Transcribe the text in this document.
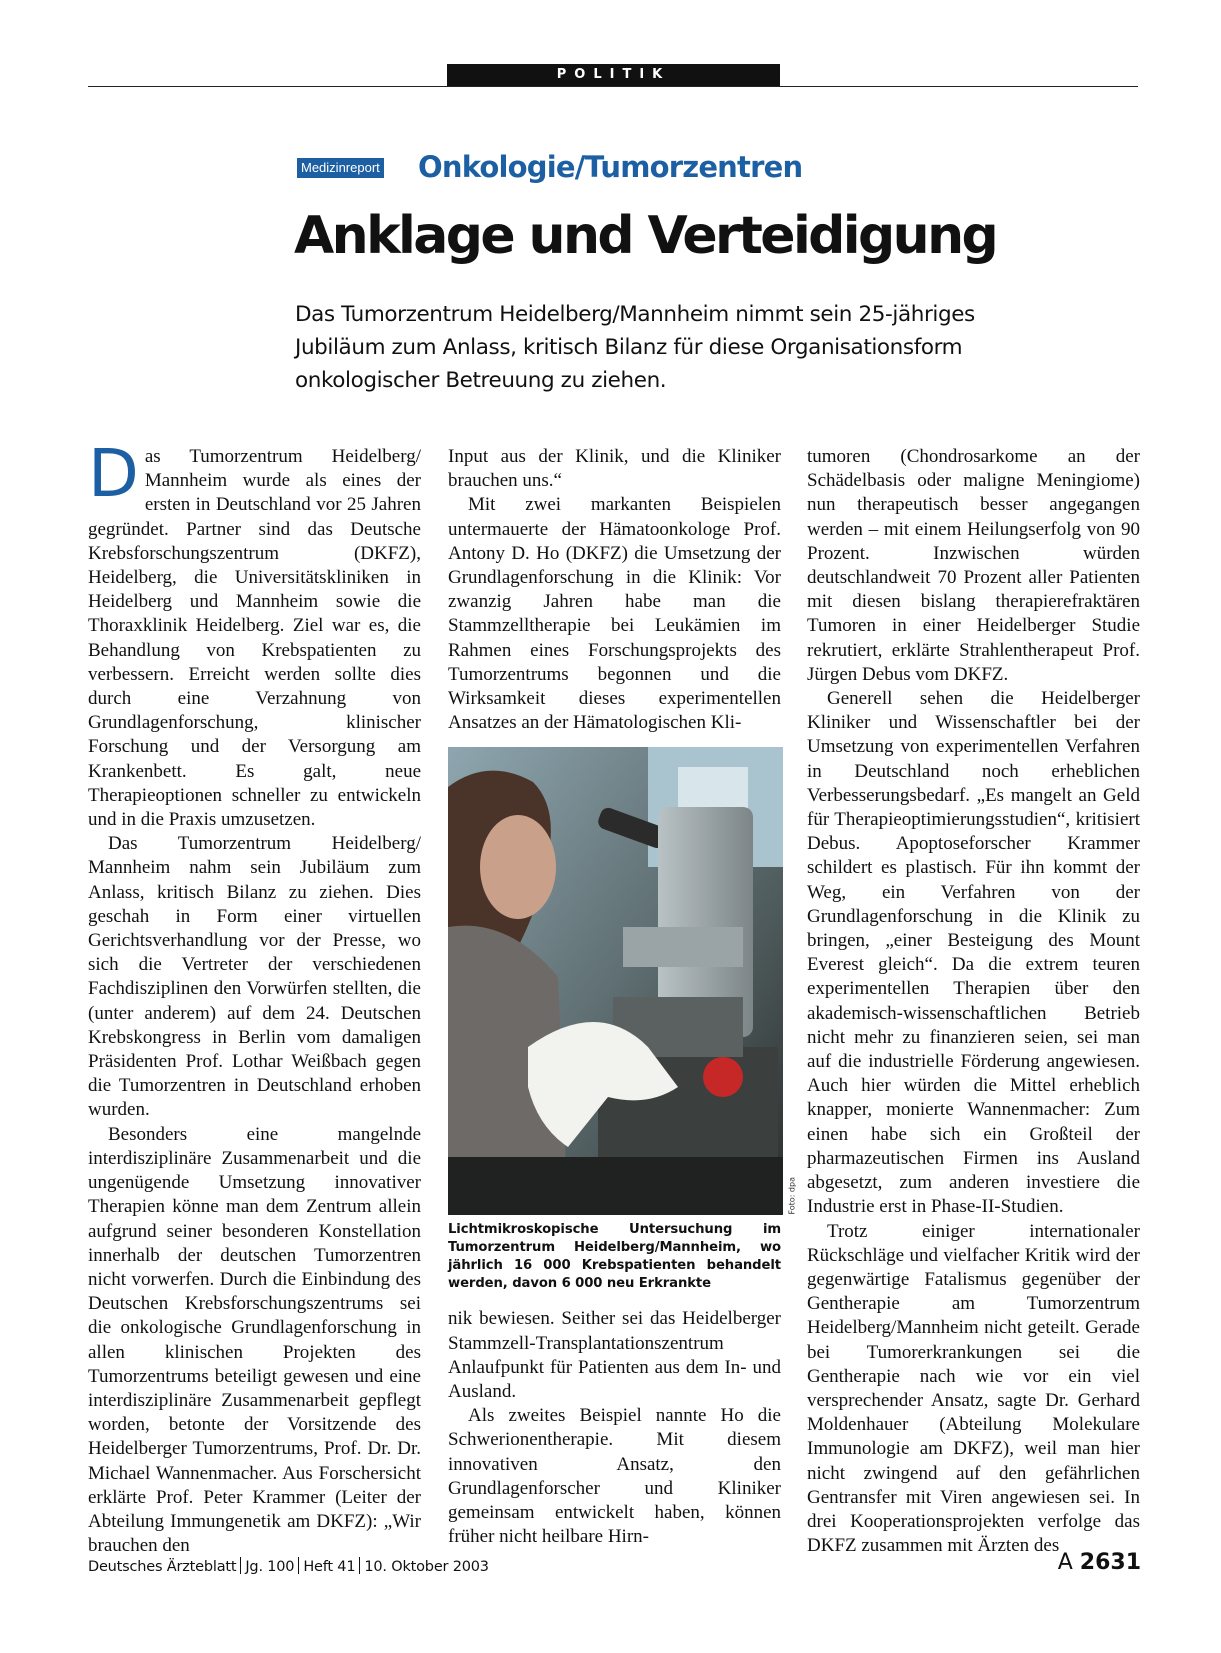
POLITIK
Medizinreport Onkologie/Tumorzentren
Anklage und Verteidigung
Das Tumorzentrum Heidelberg/Mannheim nimmt sein 25-jähriges Jubiläum zum Anlass, kritisch Bilanz für diese Organisationsform onkologischer Betreuung zu ziehen.

Das Tumorzentrum Heidelberg/ Mannheim wurde als eines der ersten in Deutschland vor 25 Jahren gegründet. Partner sind das Deutsche Krebsforschungszentrum (DKFZ), Heidelberg, die Universitätskliniken in Heidelberg und Mannheim sowie die Thoraxklinik Heidelberg. Ziel war es, die Behandlung von Krebspatienten zu verbessern. Erreicht werden sollte dies durch eine Verzahnung von Grundlagenforschung, klinischer Forschung und der Versorgung am Krankenbett. Es galt, neue Therapieoptionen schneller zu entwickeln und in die Praxis umzusetzen.

Das Tumorzentrum Heidelberg/ Mannheim nahm sein Jubiläum zum Anlass, kritisch Bilanz zu ziehen. Dies geschah in Form einer virtuellen Gerichtsverhandlung vor der Presse, wo sich die Vertreter der verschiedenen Fachdisziplinen den Vorwürfen stellten, die (unter anderem) auf dem 24. Deutschen Krebskongress in Berlin vom damaligen Präsidenten Prof. Lothar Weißbach gegen die Tumorzentren in Deutschland erhoben wurden.

Besonders eine mangelnde interdisziplinäre Zusammenarbeit und die ungenügende Umsetzung innovativer Therapien könne man dem Zentrum allein aufgrund seiner besonderen Konstellation innerhalb der deutschen Tumorzentren nicht vorwerfen. Durch die Einbindung des Deutschen Krebsforschungszentrums sei die onkologische Grundlagenforschung in allen klinischen Projekten des Tumorzentrums beteiligt gewesen und eine interdisziplinäre Zusammenarbeit gepflegt worden, betonte der Vorsitzende des Heidelberger Tumorzentrums, Prof. Dr. Dr. Michael Wannenmacher. Aus Forschersicht erklärte Prof. Peter Krammer (Leiter der Abteilung Immungenetik am DKFZ): „Wir brauchen den

Input aus der Klinik, und die Kliniker brauchen uns.“

Mit zwei markanten Beispielen untermauerte der Hämatoonkologe Prof. Antony D. Ho (DKFZ) die Umsetzung der Grundlagenforschung in die Klinik: Vor zwanzig Jahren habe man die Stammzelltherapie bei Leukämien im Rahmen eines Forschungsprojekts des Tumorzentrums begonnen und die Wirksamkeit dieses experimentellen Ansatzes an der Hämatologischen Kli-

Foto: dpa
Lichtmikroskopische Untersuchung im Tumorzentrum Heidelberg/Mannheim, wo jährlich 16 000 Krebspatienten behandelt werden, davon 6 000 neu Erkrankte

nik bewiesen. Seither sei das Heidelberger Stammzell-Transplantationszentrum Anlaufpunkt für Patienten aus dem In- und Ausland.

Als zweites Beispiel nannte Ho die Schwerionentherapie. Mit diesem innovativen Ansatz, den Grundlagenforscher und Kliniker gemeinsam entwickelt haben, können früher nicht heilbare Hirn-

tumoren (Chondrosarkome an der Schädelbasis oder maligne Meningiome) nun therapeutisch besser angegangen werden – mit einem Heilungserfolg von 90 Prozent. Inzwischen würden deutschlandweit 70 Prozent aller Patienten mit diesen bislang therapierefraktären Tumoren in einer Heidelberger Studie rekrutiert, erklärte Strahlentherapeut Prof. Jürgen Debus vom DKFZ.

Generell sehen die Heidelberger Kliniker und Wissenschaftler bei der Umsetzung von experimentellen Verfahren in Deutschland noch erheblichen Verbesserungsbedarf. „Es mangelt an Geld für Therapieoptimierungsstudien“, kritisiert Debus. Apoptoseforscher Krammer schildert es plastisch. Für ihn kommt der Weg, ein Verfahren von der Grundlagenforschung in die Klinik zu bringen, „einer Besteigung des Mount Everest gleich“. Da die extrem teuren experimentellen Therapien über den akademisch-wissenschaftlichen Betrieb nicht mehr zu finanzieren seien, sei man auf die industrielle Förderung angewiesen. Auch hier würden die Mittel erheblich knapper, monierte Wannenmacher: Zum einen habe sich ein Großteil der pharmazeutischen Firmen ins Ausland abgesetzt, zum anderen investiere die Industrie erst in Phase-II-Studien.

Trotz einiger internationaler Rückschläge und vielfacher Kritik wird der gegenwärtige Fatalismus gegenüber der Gentherapie am Tumorzentrum Heidelberg/Mannheim nicht geteilt. Gerade bei Tumorerkrankungen sei die Gentherapie nach wie vor ein viel versprechender Ansatz, sagte Dr. Gerhard Moldenhauer (Abteilung Molekulare Immunologie am DKFZ), weil man hier nicht zwingend auf den gefährlichen Gentransfer mit Viren angewiesen sei. In drei Kooperationsprojekten verfolge das DKFZ zusammen mit Ärzten des

Deutsches Ärzteblatt Jg. 100 Heft 41 10. Oktober 2003	A 2631
